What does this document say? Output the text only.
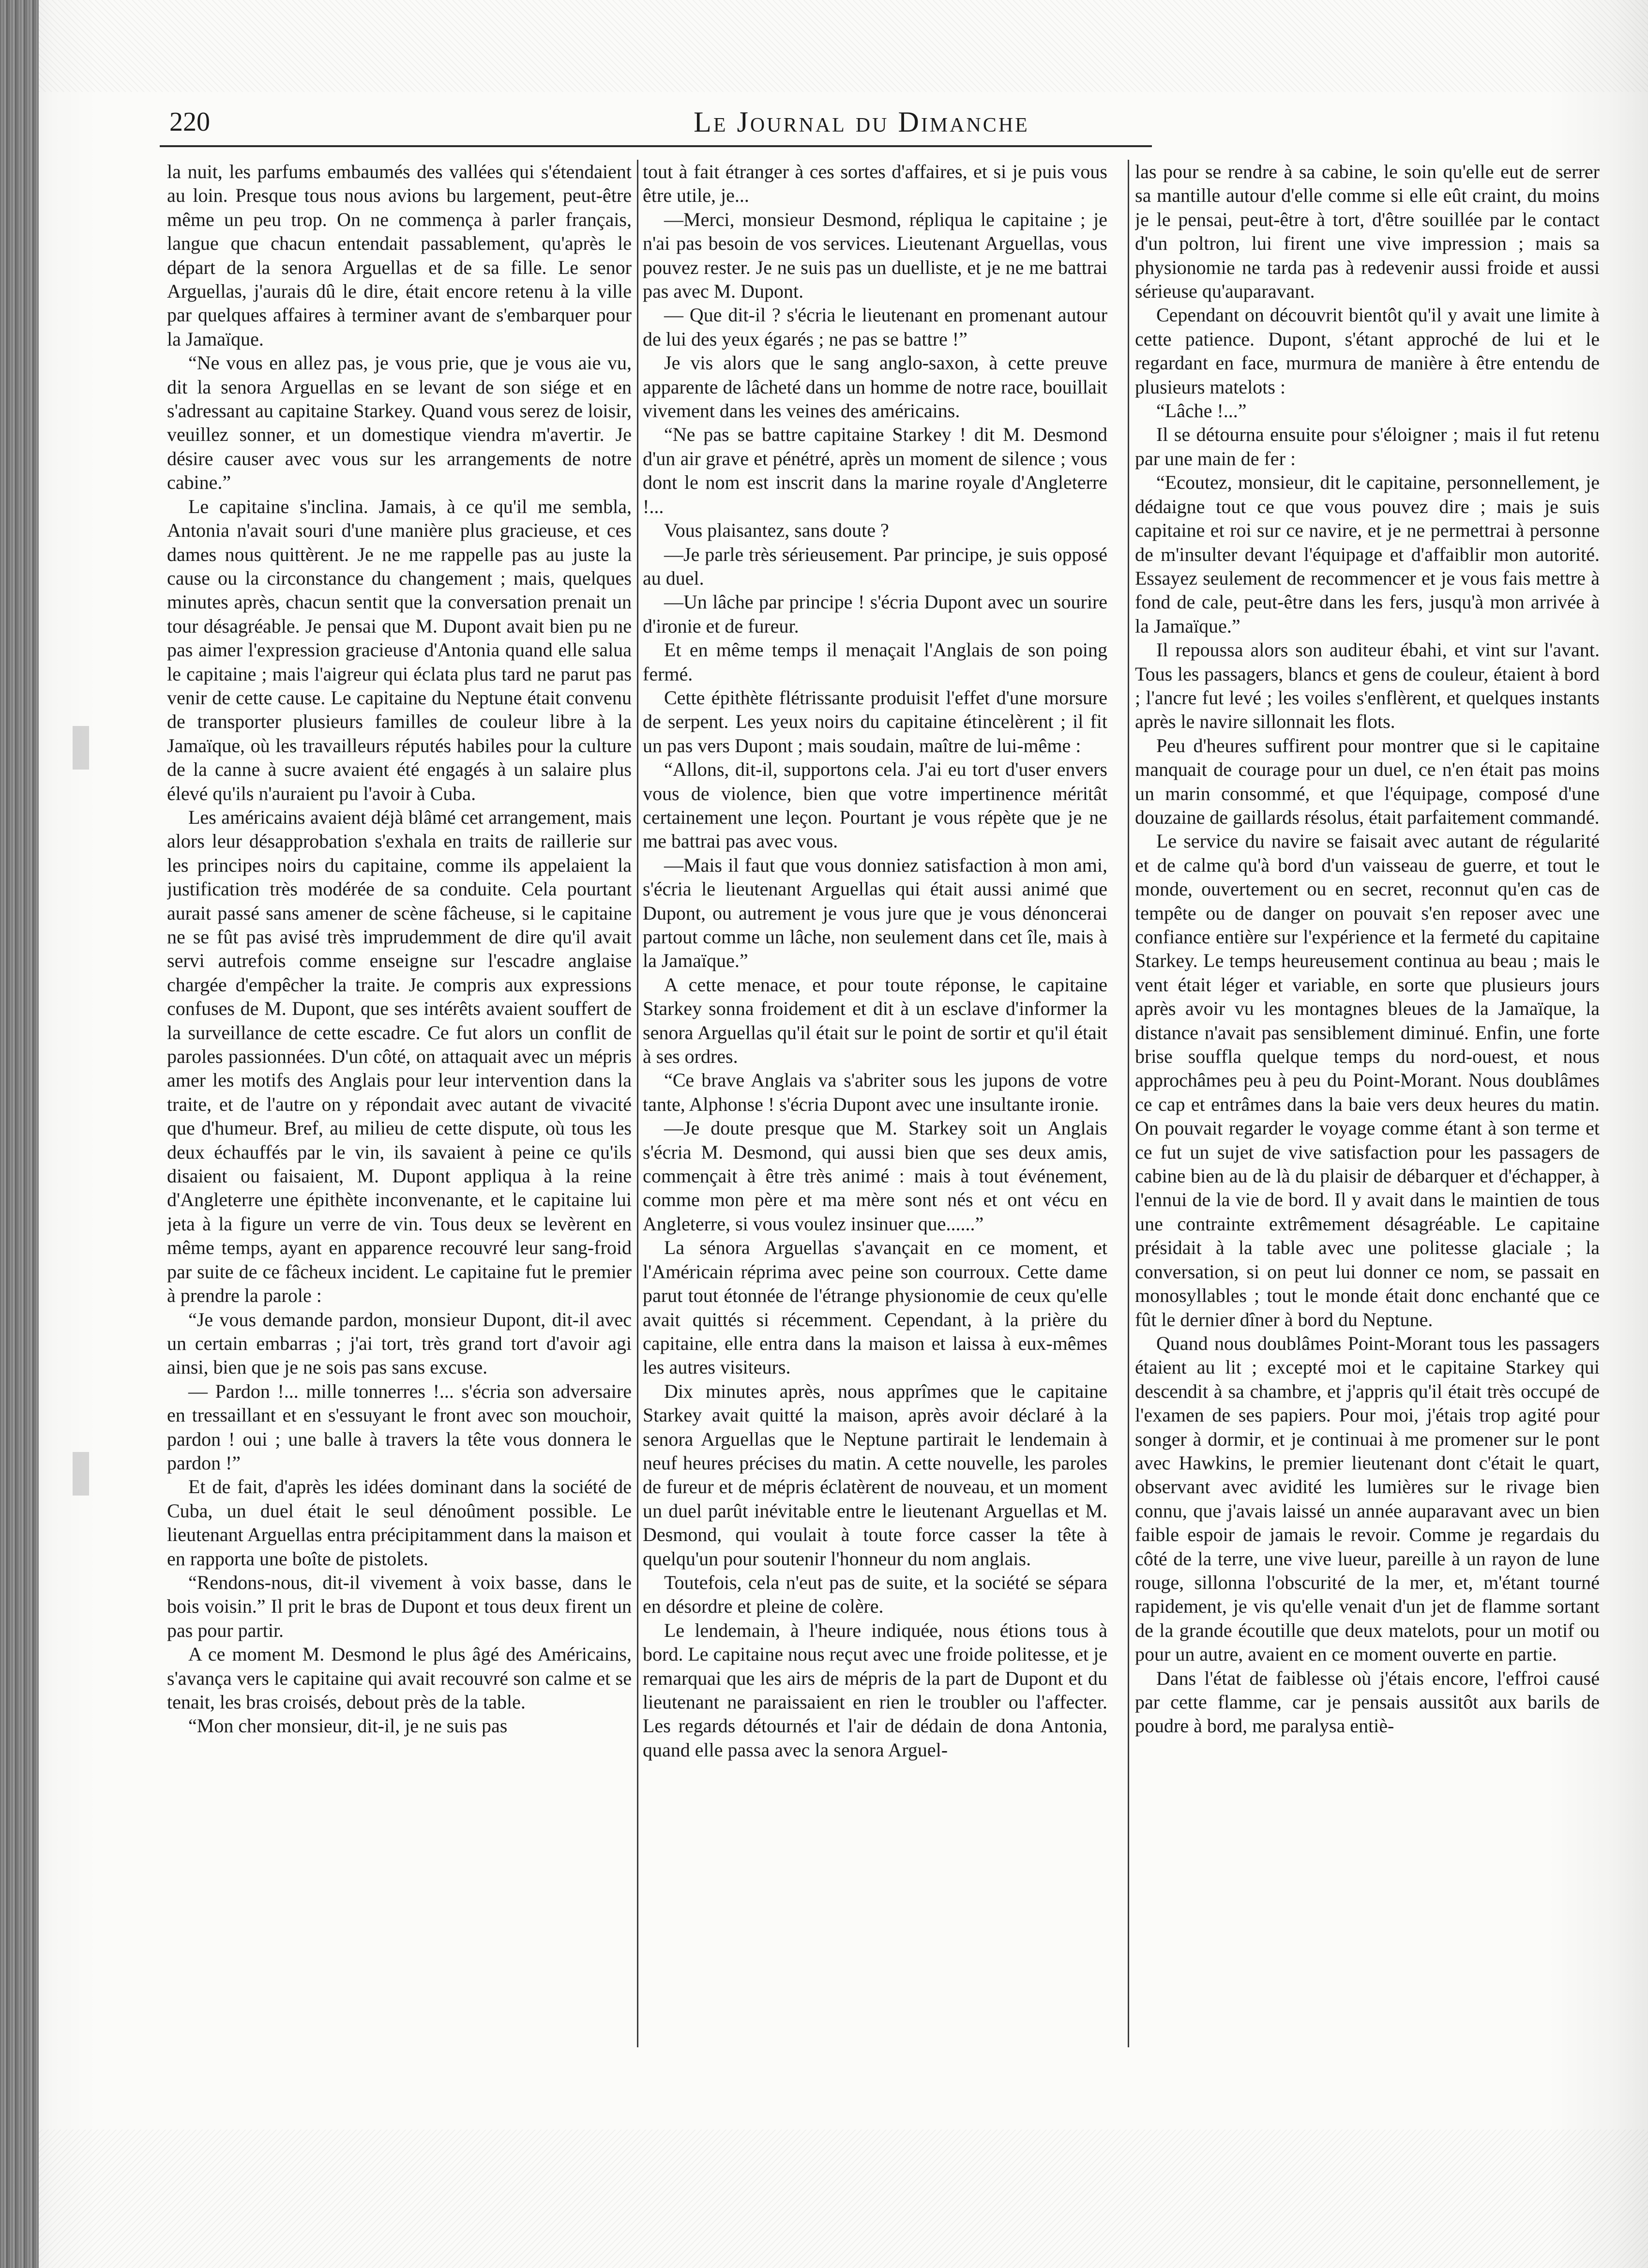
220	Le Journal du Dimanche

la nuit, les parfums embaumés des vallées qui s'étendaient au loin. Presque tous nous avions bu largement, peut-être même un peu trop. On ne commença à parler français, langue que chacun entendait passablement, qu'après le départ de la senora Arguellas et de sa fille. Le senor Arguellas, j'aurais dû le dire, était encore retenu à la ville par quelques affaires à terminer avant de s'embarquer pour la Jamaïque.

“Ne vous en allez pas, je vous prie, que je vous aie vu, dit la senora Arguellas en se levant de son siége et en s'adressant au capitaine Starkey. Quand vous serez de loisir, veuillez sonner, et un domestique viendra m'avertir. Je désire causer avec vous sur les arrangements de notre cabine.”

Le capitaine s'inclina. Jamais, à ce qu'il me sembla, Antonia n'avait souri d'une manière plus gracieuse, et ces dames nous quittèrent. Je ne me rappelle pas au juste la cause ou la circonstance du changement ; mais, quelques minutes après, chacun sentit que la conversation prenait un tour désagréable. Je pensai que M. Dupont avait bien pu ne pas aimer l'expression gracieuse d'Antonia quand elle salua le capitaine ; mais l'aigreur qui éclata plus tard ne parut pas venir de cette cause. Le capitaine du Neptune était convenu de transporter plusieurs familles de couleur libre à la Jamaïque, où les travailleurs réputés habiles pour la culture de la canne à sucre avaient été engagés à un salaire plus élevé qu'ils n'auraient pu l'avoir à Cuba.

Les américains avaient déjà blâmé cet arrangement, mais alors leur désapprobation s'exhala en traits de raillerie sur les principes noirs du capitaine, comme ils appelaient la justification très modérée de sa conduite. Cela pourtant aurait passé sans amener de scène fâcheuse, si le capitaine ne se fût pas avisé très imprudemment de dire qu'il avait servi autrefois comme enseigne sur l'escadre anglaise chargée d'empêcher la traite. Je compris aux expressions confuses de M. Dupont, que ses intérêts avaient souffert de la surveillance de cette escadre. Ce fut alors un conflit de paroles passionnées. D'un côté, on attaquait avec un mépris amer les motifs des Anglais pour leur intervention dans la traite, et de l'autre on y répondait avec autant de vivacité que d'humeur. Bref, au milieu de cette dispute, où tous les deux échauffés par le vin, ils savaient à peine ce qu'ils disaient ou faisaient, M. Dupont appliqua à la reine d'Angleterre une épithète inconvenante, et le capitaine lui jeta à la figure un verre de vin. Tous deux se levèrent en même temps, ayant en apparence recouvré leur sang-froid par suite de ce fâcheux incident. Le capitaine fut le premier à prendre la parole :

“Je vous demande pardon, monsieur Dupont, dit-il avec un certain embarras ; j'ai tort, très grand tort d'avoir agi ainsi, bien que je ne sois pas sans excuse.

— Pardon !... mille tonnerres !... s'écria son adversaire en tressaillant et en s'essuyant le front avec son mouchoir, pardon ! oui ; une balle à travers la tête vous donnera le pardon !”

Et de fait, d'après les idées dominant dans la société de Cuba, un duel était le seul dénoûment possible. Le lieutenant Arguellas entra précipitamment dans la maison et en rapporta une boîte de pistolets.

“Rendons-nous, dit-il vivement à voix basse, dans le bois voisin.” Il prit le bras de Dupont et tous deux firent un pas pour partir.

A ce moment M. Desmond le plus âgé des Américains, s'avança vers le capitaine qui avait recouvré son calme et se tenait, les bras croisés, debout près de la table.

“Mon cher monsieur, dit-il, je ne suis pas

tout à fait étranger à ces sortes d'affaires, et si je puis vous être utile, je...

—Merci, monsieur Desmond, répliqua le capitaine ; je n'ai pas besoin de vos services. Lieutenant Arguellas, vous pouvez rester. Je ne suis pas un duelliste, et je ne me battrai pas avec M. Dupont.

— Que dit-il ? s'écria le lieutenant en promenant autour de lui des yeux égarés ; ne pas se battre !”

Je vis alors que le sang anglo-saxon, à cette preuve apparente de lâcheté dans un homme de notre race, bouillait vivement dans les veines des américains.

“Ne pas se battre capitaine Starkey ! dit M. Desmond d'un air grave et pénétré, après un moment de silence ; vous dont le nom est inscrit dans la marine royale d'Angleterre !...

Vous plaisantez, sans doute ?

—Je parle très sérieusement. Par principe, je suis opposé au duel.

—Un lâche par principe ! s'écria Dupont avec un sourire d'ironie et de fureur.

Et en même temps il menaçait l'Anglais de son poing fermé.

Cette épithète flétrissante produisit l'effet d'une morsure de serpent. Les yeux noirs du capitaine étincelèrent ; il fit un pas vers Dupont ; mais soudain, maître de lui-même :

“Allons, dit-il, supportons cela. J'ai eu tort d'user envers vous de violence, bien que votre impertinence méritât certainement une leçon. Pourtant je vous répète que je ne me battrai pas avec vous.

—Mais il faut que vous donniez satisfaction à mon ami, s'écria le lieutenant Arguellas qui était aussi animé que Dupont, ou autrement je vous jure que je vous dénoncerai partout comme un lâche, non seulement dans cet île, mais à la Jamaïque.”

A cette menace, et pour toute réponse, le capitaine Starkey sonna froidement et dit à un esclave d'informer la senora Arguellas qu'il était sur le point de sortir et qu'il était à ses ordres.

“Ce brave Anglais va s'abriter sous les jupons de votre tante, Alphonse ! s'écria Dupont avec une insultante ironie.

—Je doute presque que M. Starkey soit un Anglais s'écria M. Desmond, qui aussi bien que ses deux amis, commençait à être très animé : mais à tout événement, comme mon père et ma mère sont nés et ont vécu en Angleterre, si vous voulez insinuer que......”

La sénora Arguellas s'avançait en ce moment, et l'Américain réprima avec peine son courroux. Cette dame parut tout étonnée de l'étrange physionomie de ceux qu'elle avait quittés si récemment. Cependant, à la prière du capitaine, elle entra dans la maison et laissa à eux-mêmes les autres visiteurs.

Dix minutes après, nous apprîmes que le capitaine Starkey avait quitté la maison, après avoir déclaré à la senora Arguellas que le Neptune partirait le lendemain à neuf heures précises du matin. A cette nouvelle, les paroles de fureur et de mépris éclatèrent de nouveau, et un moment un duel parût inévitable entre le lieutenant Arguellas et M. Desmond, qui voulait à toute force casser la tête à quelqu'un pour soutenir l'honneur du nom anglais.

Toutefois, cela n'eut pas de suite, et la société se sépara en désordre et pleine de colère.

Le lendemain, à l'heure indiquée, nous étions tous à bord. Le capitaine nous reçut avec une froide politesse, et je remarquai que les airs de mépris de la part de Dupont et du lieutenant ne paraissaient en rien le troubler ou l'affecter. Les regards détournés et l'air de dédain de dona Antonia, quand elle passa avec la senora Arguel-

las pour se rendre à sa cabine, le soin qu'elle eut de serrer sa mantille autour d'elle comme si elle eût craint, du moins je le pensai, peut-être à tort, d'être souillée par le contact d'un poltron, lui firent une vive impression ; mais sa physionomie ne tarda pas à redevenir aussi froide et aussi sérieuse qu'auparavant.

Cependant on découvrit bientôt qu'il y avait une limite à cette patience. Dupont, s'étant approché de lui et le regardant en face, murmura de manière à être entendu de plusieurs matelots :

“Lâche !...”

Il se détourna ensuite pour s'éloigner ; mais il fut retenu par une main de fer :

“Ecoutez, monsieur, dit le capitaine, personnellement, je dédaigne tout ce que vous pouvez dire ; mais je suis capitaine et roi sur ce navire, et je ne permettrai à personne de m'insulter devant l'équipage et d'affaiblir mon autorité. Essayez seulement de recommencer et je vous fais mettre à fond de cale, peut-être dans les fers, jusqu'à mon arrivée à la Jamaïque.”

Il repoussa alors son auditeur ébahi, et vint sur l'avant. Tous les passagers, blancs et gens de couleur, étaient à bord ; l'ancre fut levé ; les voiles s'enflèrent, et quelques instants après le navire sillonnait les flots.

Peu d'heures suffirent pour montrer que si le capitaine manquait de courage pour un duel, ce n'en était pas moins un marin consommé, et que l'équipage, composé d'une douzaine de gaillards résolus, était parfaitement commandé.

Le service du navire se faisait avec autant de régularité et de calme qu'à bord d'un vaisseau de guerre, et tout le monde, ouvertement ou en secret, reconnut qu'en cas de tempête ou de danger on pouvait s'en reposer avec une confiance entière sur l'expérience et la fermeté du capitaine Starkey. Le temps heureusement continua au beau ; mais le vent était léger et variable, en sorte que plusieurs jours après avoir vu les montagnes bleues de la Jamaïque, la distance n'avait pas sensiblement diminué. Enfin, une forte brise souffla quelque temps du nord-ouest, et nous approchâmes peu à peu du Point-Morant. Nous doublâmes ce cap et entrâmes dans la baie vers deux heures du matin. On pouvait regarder le voyage comme étant à son terme et ce fut un sujet de vive satisfaction pour les passagers de cabine bien au de là du plaisir de débarquer et d'échapper, à l'ennui de la vie de bord. Il y avait dans le maintien de tous une contrainte extrêmement désagréable. Le capitaine présidait à la table avec une politesse glaciale ; la conversation, si on peut lui donner ce nom, se passait en monosyllables ; tout le monde était donc enchanté que ce fût le dernier dîner à bord du Neptune.

Quand nous doublâmes Point-Morant tous les passagers étaient au lit ; excepté moi et le capitaine Starkey qui descendit à sa chambre, et j'appris qu'il était très occupé de l'examen de ses papiers. Pour moi, j'étais trop agité pour songer à dormir, et je continuai à me promener sur le pont avec Hawkins, le premier lieutenant dont c'était le quart, observant avec avidité les lumières sur le rivage bien connu, que j'avais laissé un année auparavant avec un bien faible espoir de jamais le revoir. Comme je regardais du côté de la terre, une vive lueur, pareille à un rayon de lune rouge, sillonna l'obscurité de la mer, et, m'étant tourné rapidement, je vis qu'elle venait d'un jet de flamme sortant de la grande écoutille que deux matelots, pour un motif ou pour un autre, avaient en ce moment ouverte en partie.

Dans l'état de faiblesse où j'étais encore, l'effroi causé par cette flamme, car je pensais aussitôt aux barils de poudre à bord, me paralysa entiè-
